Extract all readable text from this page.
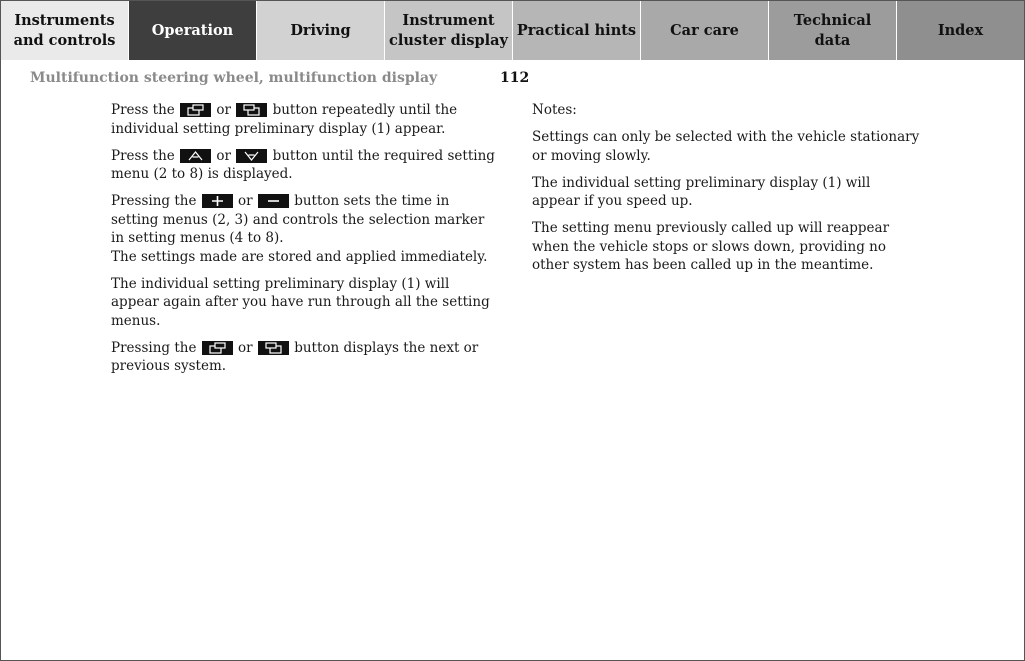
Instruments
and controls
Operation	Driving
Instrument
cluster display
Practical hints Car care
Technical
data
Index
Multifunction steering wheel, multifunction display	112

Press the	or	button repeatedly until the individual setting preliminary display (1) appear.

Press the	or	button until the required setting menu (2 to 8) is displayed.

Pressing the	or	button sets the time in setting menus (2, 3) and controls the selection marker in setting menus (4 to 8).
The settings made are stored and applied immediately.

The individual setting preliminary display (1) will appear again after you have run through all the setting menus.

Pressing the	or	button displays the next or previous system.

Notes:

Settings can only be selected with the vehicle stationary or moving slowly.

The individual setting preliminary display (1) will appear if you speed up.

The setting menu previously called up will reappear when the vehicle stops or slows down, providing no other system has been called up in the meantime.
